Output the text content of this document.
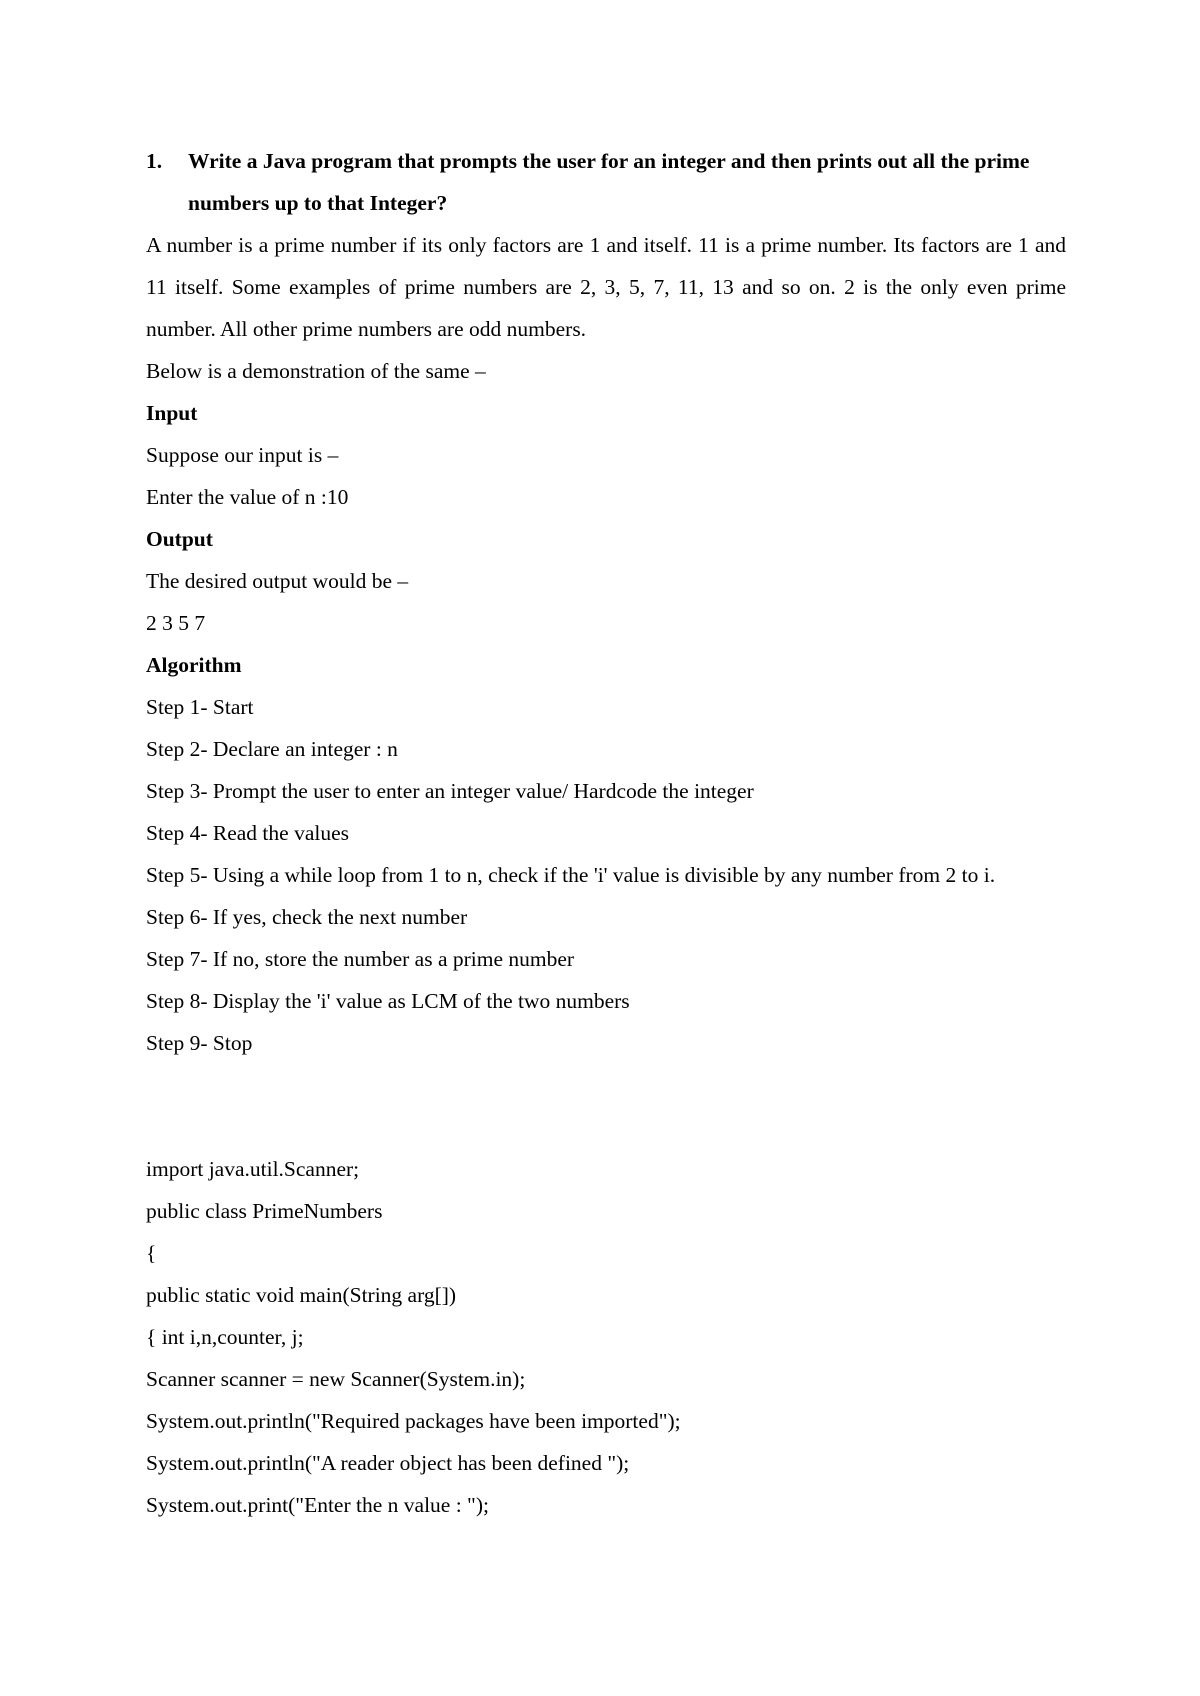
1.	Write a Java program that prompts the user for an integer and then prints out all the prime numbers up to that Integer?
A number is a prime number if its only factors are 1 and itself. 11 is a prime number. Its factors are 1 and 11 itself. Some examples of prime numbers are 2, 3, 5, 7, 11, 13 and so on. 2 is the only even prime number. All other prime numbers are odd numbers.
Below is a demonstration of the same –
Input
Suppose our input is –
Enter the value of n :10
Output
The desired output would be –
2 3 5 7
Algorithm
Step 1- Start
Step 2- Declare an integer : n
Step 3- Prompt the user to enter an integer value/ Hardcode the integer
Step 4- Read the values
Step 5- Using a while loop from 1 to n, check if the 'i' value is divisible by any number from 2 to i.
Step 6- If yes, check the next number
Step 7- If no, store the number as a prime number
Step 8- Display the 'i' value as LCM of the two numbers
Step 9- Stop
import java.util.Scanner;
public class PrimeNumbers
{
public static void main(String arg[])
{ int i,n,counter, j;
Scanner scanner = new Scanner(System.in);
System.out.println("Required packages have been imported");
System.out.println("A reader object has been defined ");
System.out.print("Enter the n value : ");
